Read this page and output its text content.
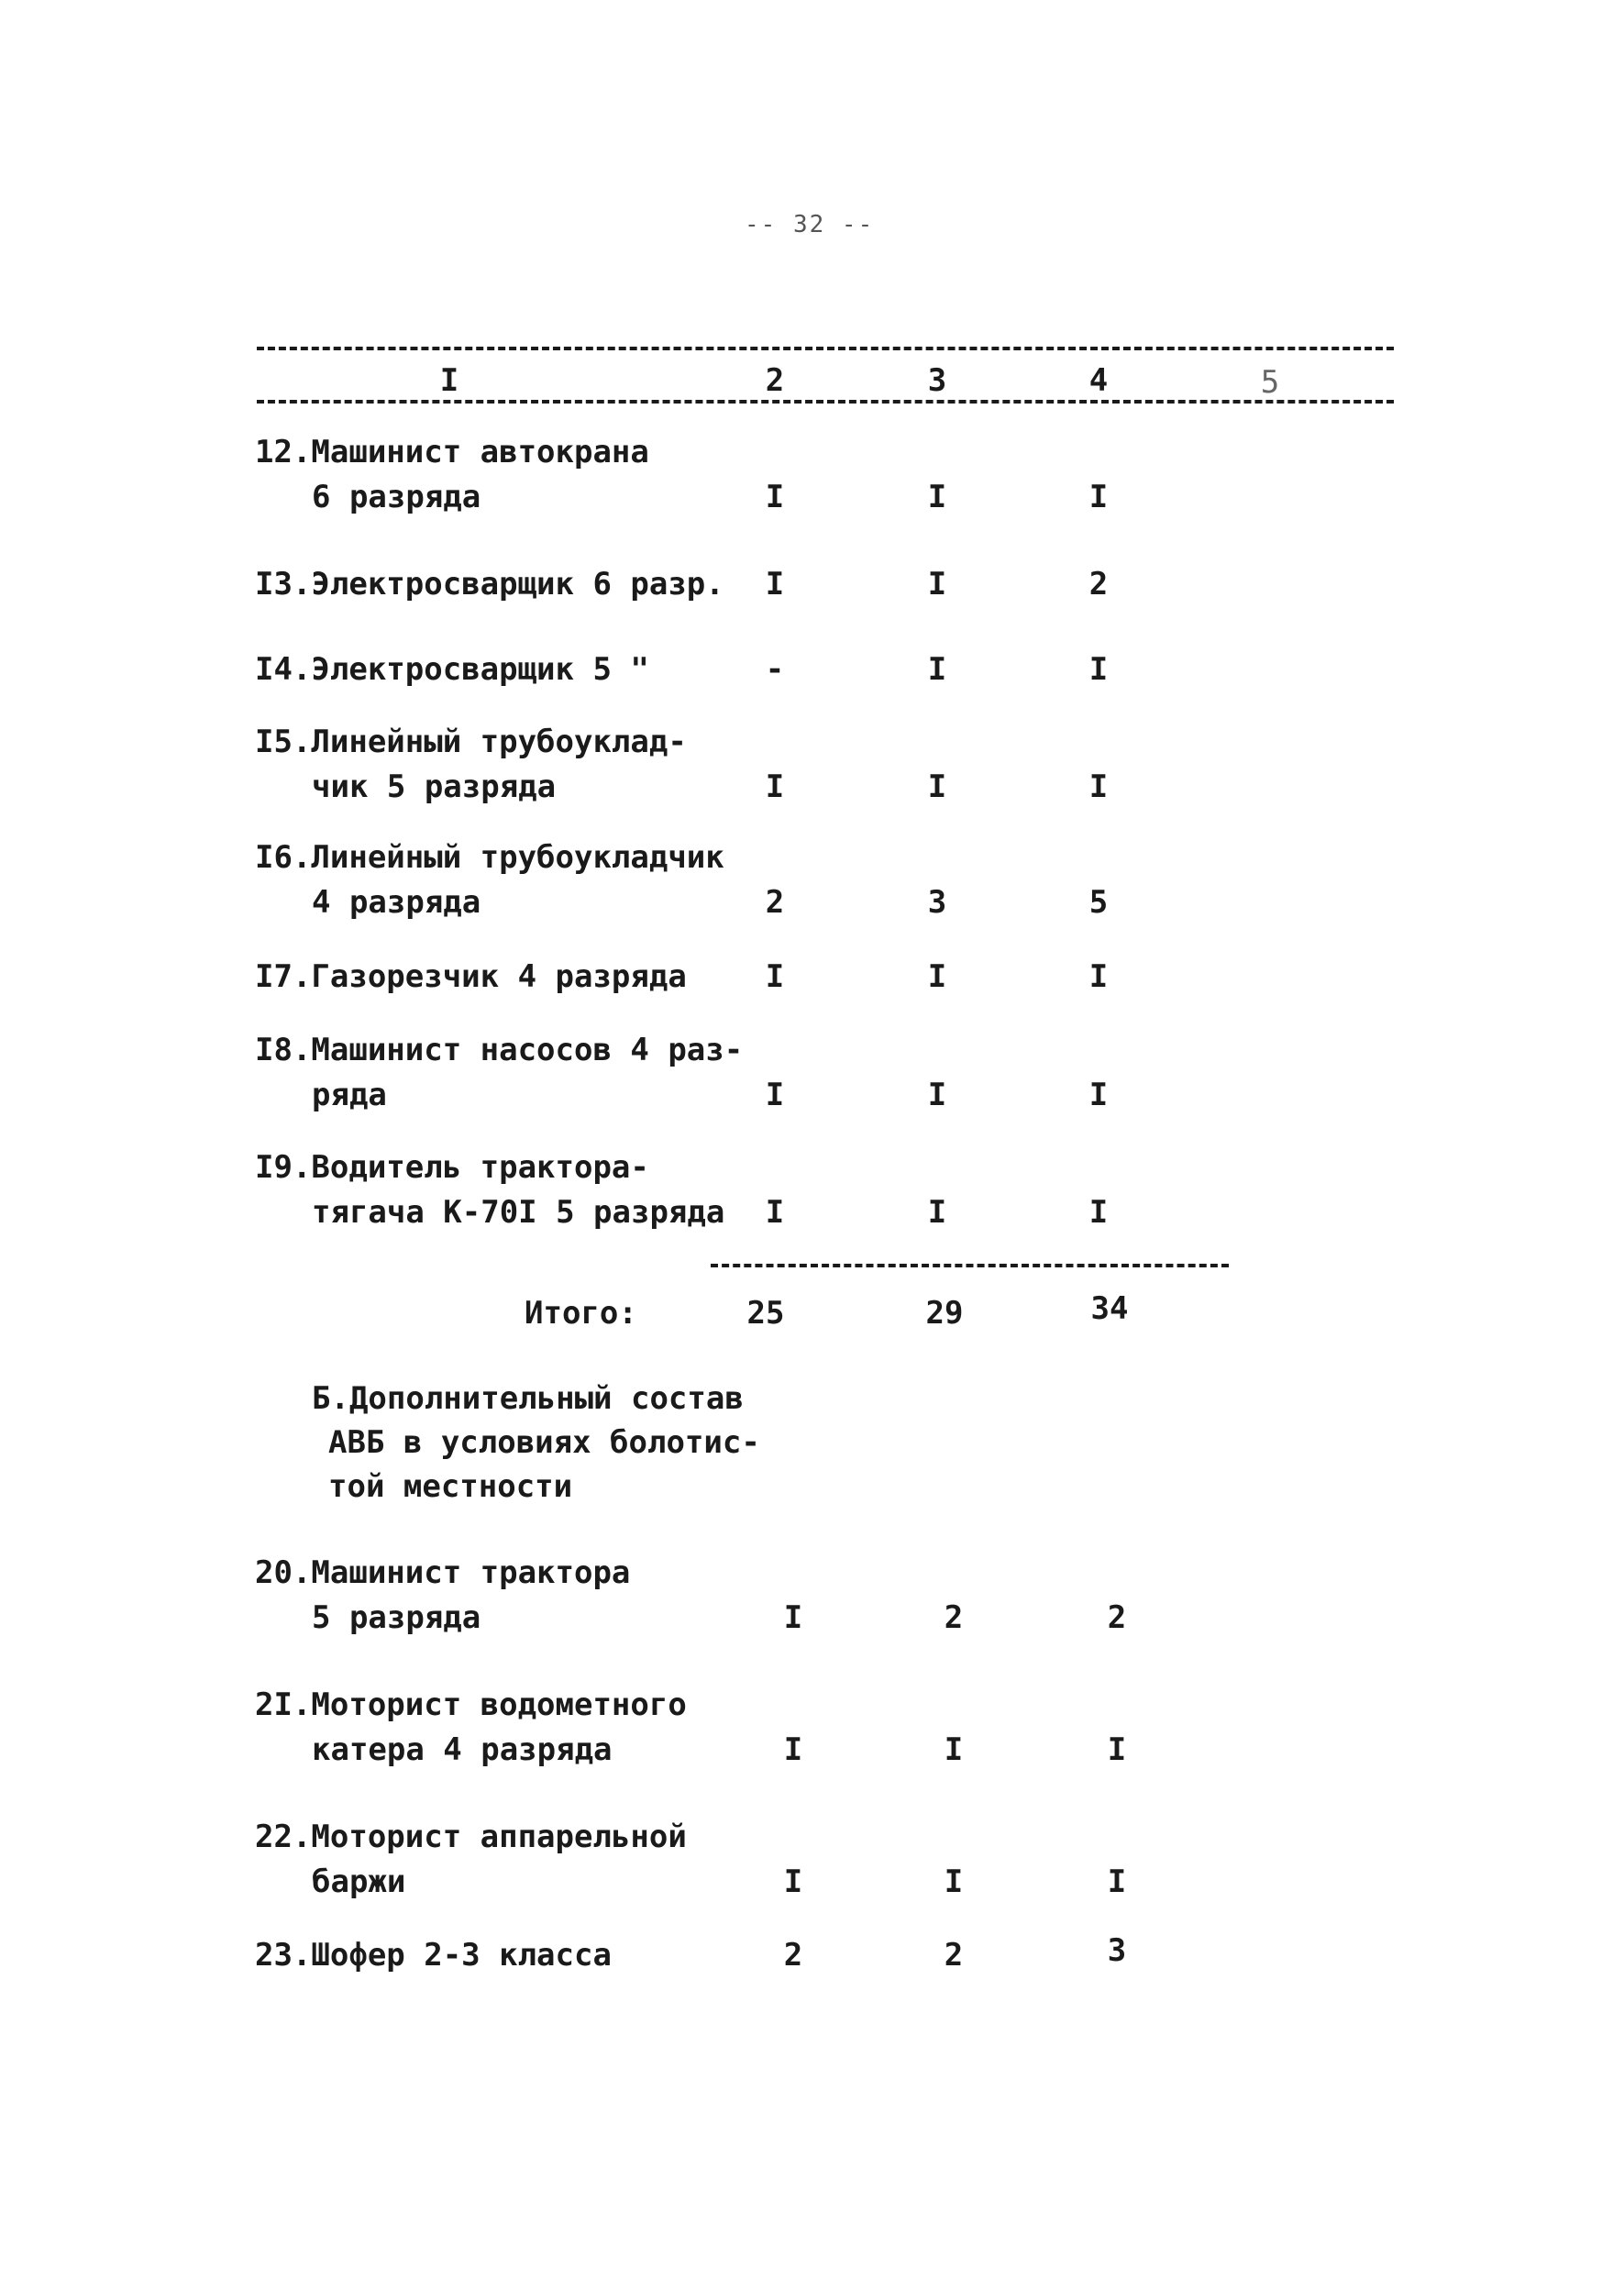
-- 32 --
I	2	3	4	5
12.Машинист автокрана
6 разряда	I	I	I
I3.Электросварщик 6 разр.	I	I	2
I4.Электросварщик 5 "	-	I	I
I5.Линейный трубоуклад-
чик 5 разряда	I	I	I
I6.Линейный трубоукладчик
4 разряда	2	3	5
I7.Газорезчик 4 разряда	I	I	I
I8.Машинист насосов 4 раз-
ряда	I	I	I
I9.Водитель трактора-
тягача К-70I 5 разряда	I	I	I
Итого:	25	29	34
Б.Дополнительный состав
АВБ в условиях болотис-
той местности
20.Машинист трактора
5 разряда	I	2	2
2I.Моторист водометного
катера 4 разряда	I	I	I
22.Моторист аппарельной
баржи	I	I	I
23.Шофер 2-3 класса	2	2	3
